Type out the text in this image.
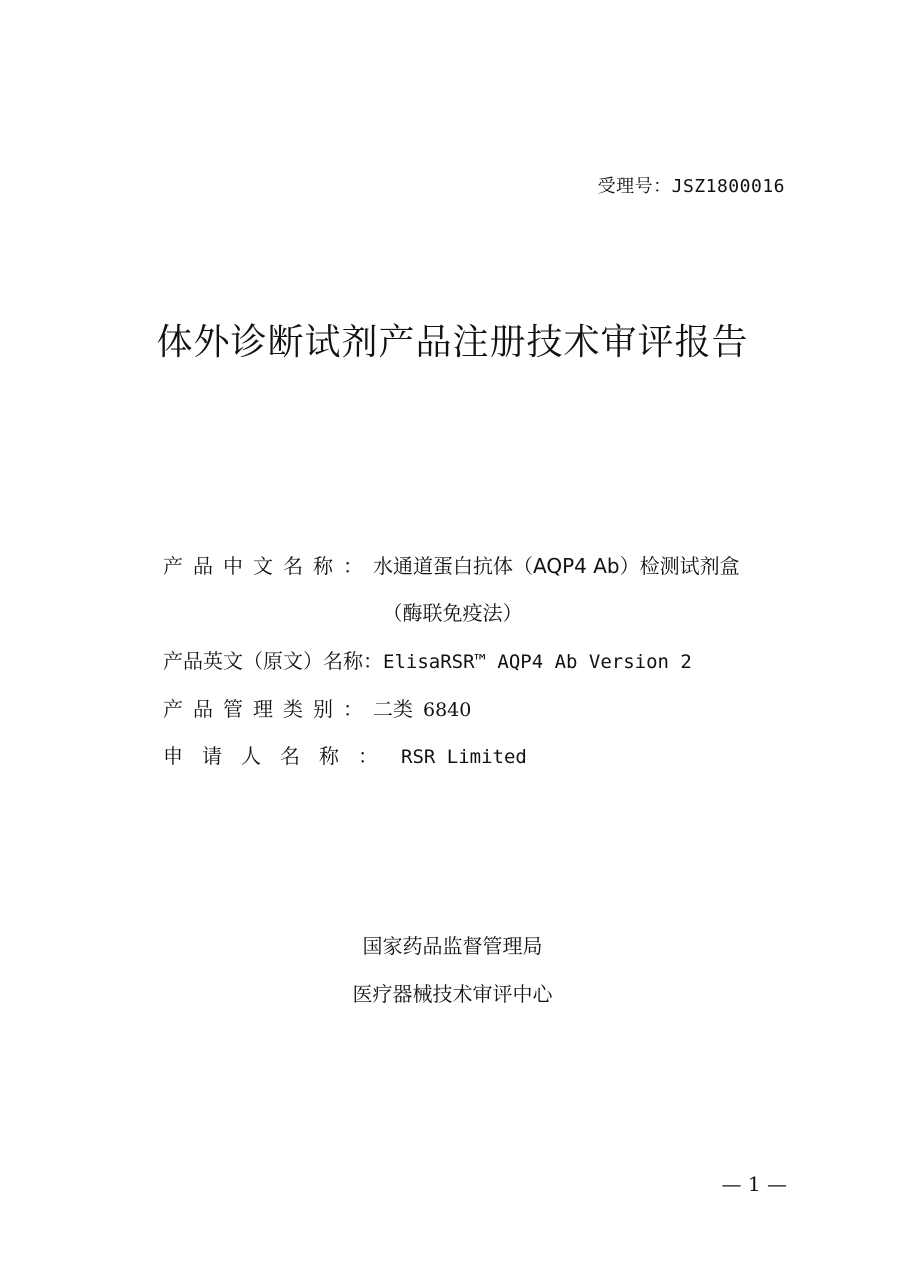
受理号：JSZ1800016
体外诊断试剂产品注册技术审评报告
产品中文名称： 水通道蛋白抗体（AQP4 Ab）检测试剂盒
（酶联免疫法）
产品英文（原文）名称： ElisaRSR™ AQP4 Ab Version 2
产品管理类别： 二类 6840
申请人名称： RSR Limited
国家药品监督管理局
医疗器械技术审评中心
— 1 —
